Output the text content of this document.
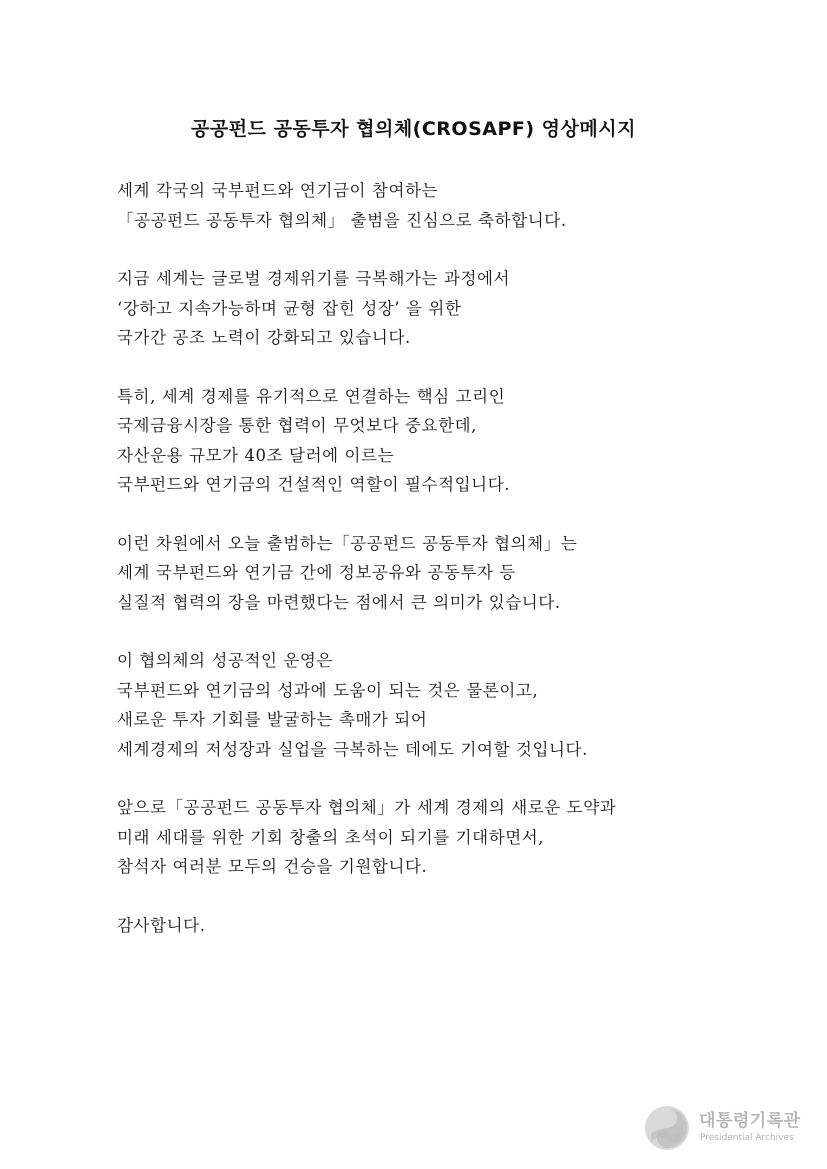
공공펀드 공동투자 협의체(CROSAPF) 영상메시지

세계 각국의 국부펀드와 연기금이 참여하는
「공공펀드 공동투자 협의체」 출범을 진심으로 축하합니다.

지금 세계는 글로벌 경제위기를 극복해가는 과정에서
‘강하고 지속가능하며 균형 잡힌 성장’ 을 위한
국가간 공조 노력이 강화되고 있습니다.

특히, 세계 경제를 유기적으로 연결하는 핵심 고리인
국제금융시장을 통한 협력이 무엇보다 중요한데,
자산운용 규모가 40조 달러에 이르는
국부펀드와 연기금의 건설적인 역할이 필수적입니다.

이런 차원에서 오늘 출범하는「공공펀드 공동투자 협의체」는
세계 국부펀드와 연기금 간에 정보공유와 공동투자 등
실질적 협력의 장을 마련했다는 점에서 큰 의미가 있습니다.

이 협의체의 성공적인 운영은
국부펀드와 연기금의 성과에 도움이 되는 것은 물론이고,
새로운 투자 기회를 발굴하는 촉매가 되어
세계경제의 저성장과 실업을 극복하는 데에도 기여할 것입니다.

앞으로「공공펀드 공동투자 협의체」가 세계 경제의 새로운 도약과
미래 세대를 위한 기회 창출의 초석이 되기를 기대하면서,
참석자 여러분 모두의 건승을 기원합니다.

감사합니다.

대통령기록관
Presidential Archives
